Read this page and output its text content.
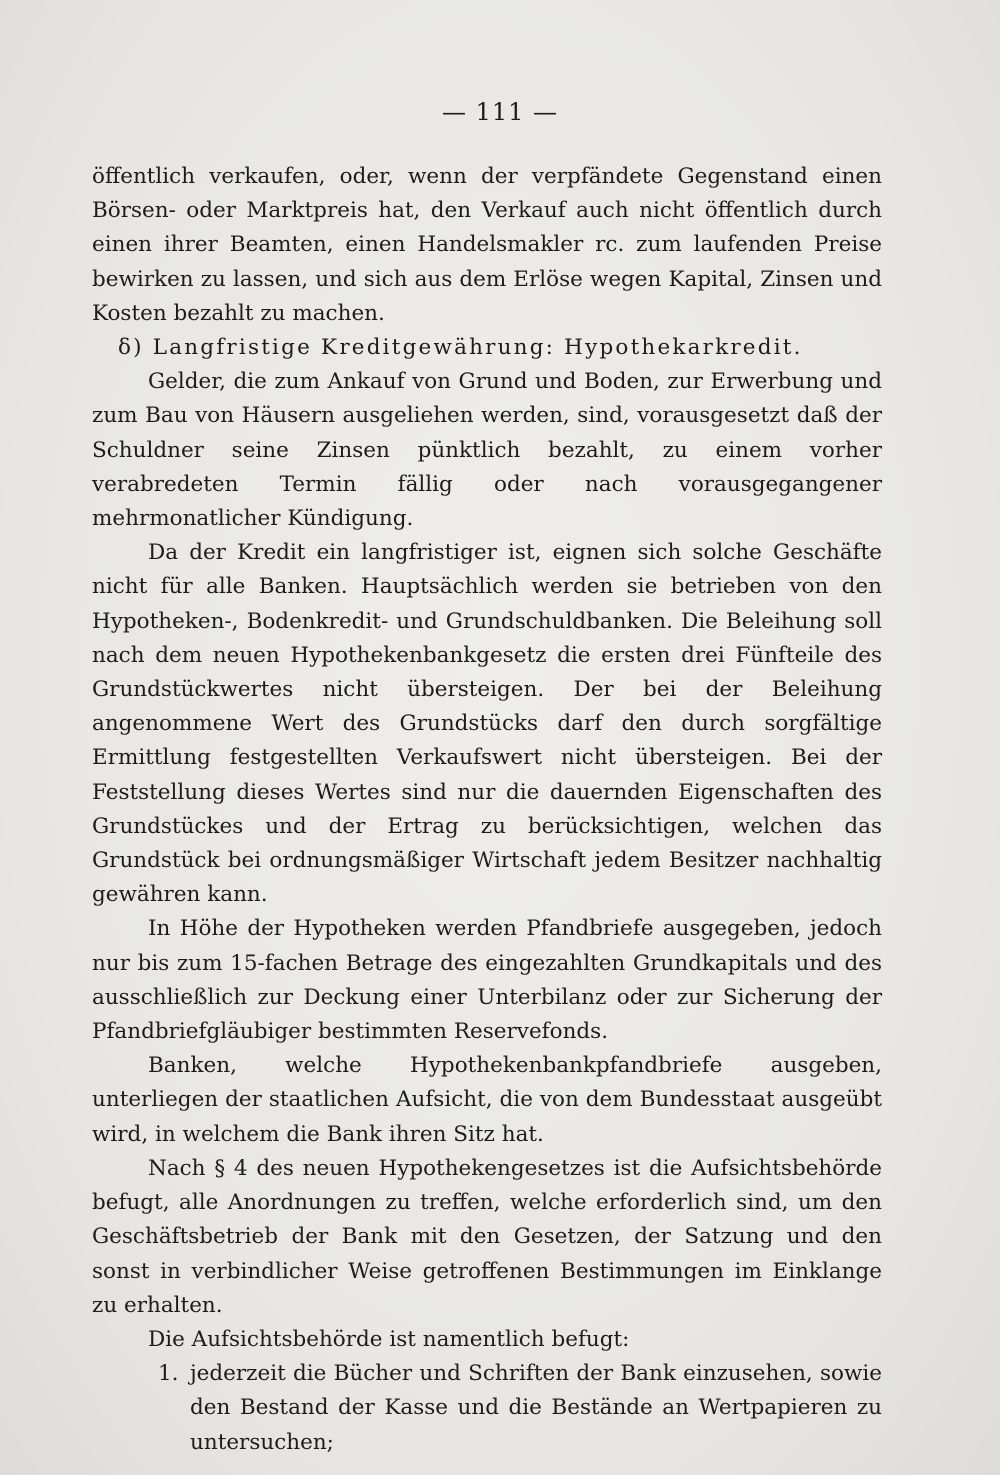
— 111 —

öffentlich verkaufen, oder, wenn der verpfändete Gegenstand einen Börsen- oder Marktpreis hat, den Verkauf auch nicht öffentlich durch einen ihrer Beamten, einen Handelsmakler rc. zum laufenden Preise bewirken zu lassen, und sich aus dem Erlöse wegen Kapital, Zinsen und Kosten bezahlt zu machen.

δ) Langfristige Kreditgewährung: Hypothekarkredit.

Gelder, die zum Ankauf von Grund und Boden, zur Erwerbung und zum Bau von Häusern ausgeliehen werden, sind, vorausgesetzt daß der Schuldner seine Zinsen pünktlich bezahlt, zu einem vorher verabredeten Termin fällig oder nach vorausgegangener mehrmonatlicher Kündigung.

Da der Kredit ein langfristiger ist, eignen sich solche Geschäfte nicht für alle Banken. Hauptsächlich werden sie betrieben von den Hypotheken-, Bodenkredit- und Grundschuldbanken. Die Beleihung soll nach dem neuen Hypothekenbankgesetz die ersten drei Fünfteile des Grundstückwertes nicht übersteigen. Der bei der Beleihung angenommene Wert des Grundstücks darf den durch sorgfältige Ermittlung festgestellten Verkaufswert nicht übersteigen. Bei der Feststellung dieses Wertes sind nur die dauernden Eigenschaften des Grundstückes und der Ertrag zu berücksichtigen, welchen das Grundstück bei ordnungsmäßiger Wirtschaft jedem Besitzer nachhaltig gewähren kann.

In Höhe der Hypotheken werden Pfandbriefe ausgegeben, jedoch nur bis zum 15-fachen Betrage des eingezahlten Grundkapitals und des ausschließlich zur Deckung einer Unterbilanz oder zur Sicherung der Pfandbriefgläubiger bestimmten Reservefonds.

Banken, welche Hypothekenbankpfandbriefe ausgeben, unterliegen der staatlichen Aufsicht, die von dem Bundesstaat ausgeübt wird, in welchem die Bank ihren Sitz hat.

Nach § 4 des neuen Hypothekengesetzes ist die Aufsichtsbehörde befugt, alle Anordnungen zu treffen, welche erforderlich sind, um den Geschäftsbetrieb der Bank mit den Gesetzen, der Satzung und den sonst in verbindlicher Weise getroffenen Bestimmungen im Einklange zu erhalten.

Die Aufsichtsbehörde ist namentlich befugt:

1. jederzeit die Bücher und Schriften der Bank einzusehen, sowie den Bestand der Kasse und die Bestände an Wertpapieren zu untersuchen;
